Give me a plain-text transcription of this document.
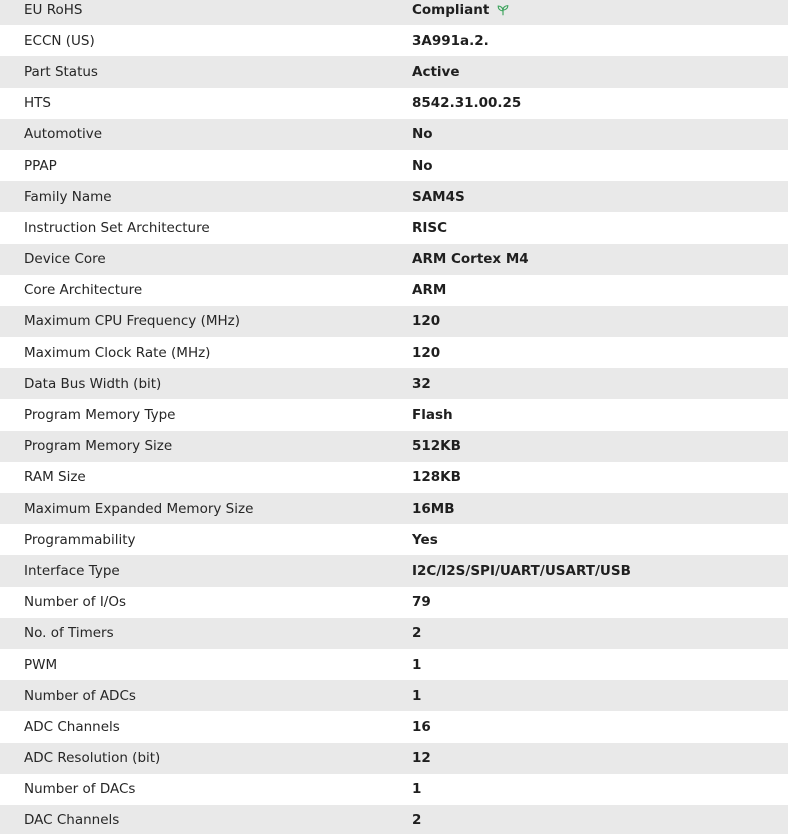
EU RoHS	Compliant
ECCN (US)	3A991a.2.
Part Status	Active
HTS	8542.31.00.25
Automotive	No
PPAP	No
Family Name	SAM4S
Instruction Set Architecture	RISC
Device Core	ARM Cortex M4
Core Architecture	ARM
Maximum CPU Frequency (MHz)	120
Maximum Clock Rate (MHz)	120
Data Bus Width (bit)	32
Program Memory Type	Flash
Program Memory Size	512KB
RAM Size	128KB
Maximum Expanded Memory Size	16MB
Programmability	Yes
Interface Type	I2C/I2S/SPI/UART/USART/USB
Number of I/Os	79
No. of Timers	2
PWM	1
Number of ADCs	1
ADC Channels	16
ADC Resolution (bit)	12
Number of DACs	1
DAC Channels	2
